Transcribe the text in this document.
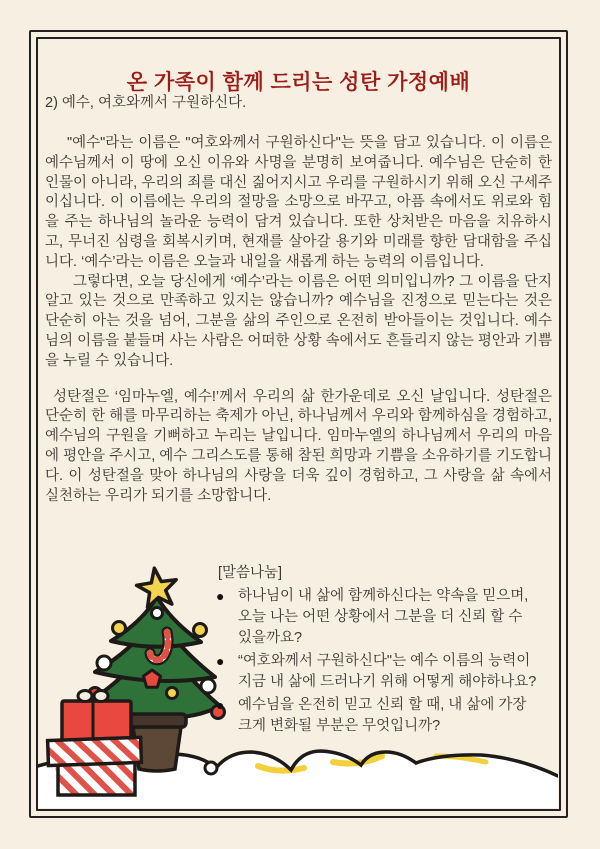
온 가족이 함께 드리는 성탄 가정예배
2) 예수, 여호와께서 구원하신다.

"예수"라는 이름은 "여호와께서 구원하신다"는 뜻을 담고 있습니다. 이 이름은 예수님께서 이 땅에 오신 이유와 사명을 분명히 보여줍니다. 예수님은 단순히 한 인물이 아니라, 우리의 죄를 대신 짊어지시고 우리를 구원하시기 위해 오신 구세주이십니다. 이 이름에는 우리의 절망을 소망으로 바꾸고, 아픔 속에서도 위로와 힘을 주는 하나님의 놀라운 능력이 담겨 있습니다. 또한 상처받은 마음을 치유하시고, 무너진 심령을 회복시키며, 현재를 살아갈 용기와 미래를 향한 담대함을 주십니다. ‘예수’라는 이름은 오늘과 내일을 새롭게 하는 능력의 이름입니다.

그렇다면, 오늘 당신에게 ‘예수’라는 이름은 어떤 의미입니까? 그 이름을 단지 알고 있는 것으로 만족하고 있지는 않습니까? 예수님을 진정으로 믿는다는 것은 단순히 아는 것을 넘어, 그분을 삶의 주인으로 온전히 받아들이는 것입니다. 예수님의 이름을 붙들며 사는 사람은 어떠한 상황 속에서도 흔들리지 않는 평안과 기쁨을 누릴 수 있습니다.

성탄절은 ‘임마누엘, 예수!’께서 우리의 삶 한가운데로 오신 날입니다. 성탄절은 단순히 한 해를 마무리하는 축제가 아닌, 하나님께서 우리와 함께하심을 경험하고, 예수님의 구원을 기뻐하고 누리는 날입니다. 임마누엘의 하나님께서 우리의 마음에 평안을 주시고, 예수 그리스도를 통해 참된 희망과 기쁨을 소유하기를 기도합니다. 이 성탄절을 맞아 하나님의 사랑을 더욱 깊이 경험하고, 그 사랑을 삶 속에서 실천하는 우리가 되기를 소망합니다.

[말씀나눔]
● 하나님이 내 삶에 함께하신다는 약속을 믿으며, 오늘 나는 어떤 상황에서 그분을 더 신뢰 할 수 있을까요?
● “여호와께서 구원하신다"는 예수 이름의 능력이 지금 내 삶에 드러나기 위해 어떻게 해야하나요?
● 예수님을 온전히 믿고 신뢰 할 때, 내 삶에 가장 크게 변화될 부분은 무엇입니까?
